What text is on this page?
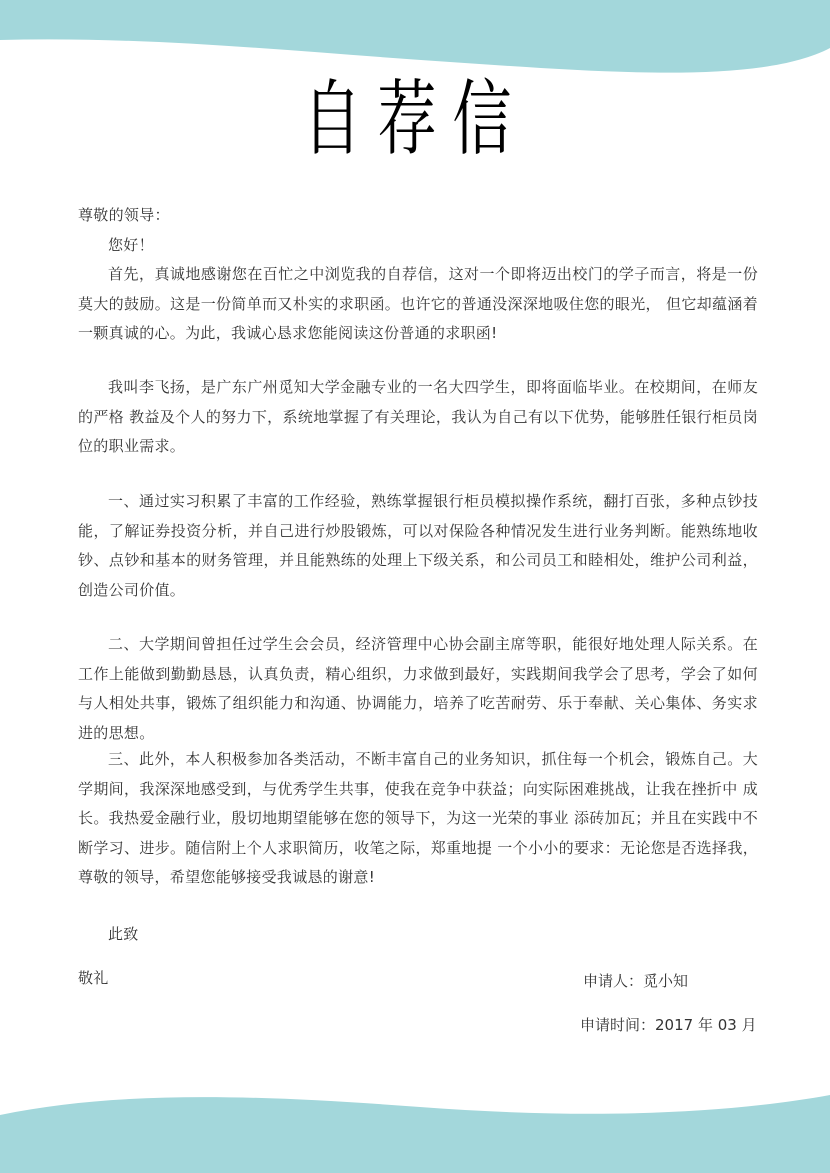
自荐信
尊敬的领导：
您好！
首先，真诚地感谢您在百忙之中浏览我的自荐信，这对一个即将迈出校门的学子而言，将是一份莫大的鼓励。这是一份简单而又朴实的求职函。也许它的普通没深深地吸住您的眼光， 但它却蕴涵着一颗真诚的心。为此，我诚心恳求您能阅读这份普通的求职函!
我叫李飞扬，是广东广州觅知大学金融专业的一名大四学生，即将面临毕业。在校期间，在师友的严格 教益及个人的努力下，系统地掌握了有关理论，我认为自己有以下优势，能够胜任银行柜员岗位的职业需求。
一、通过实习积累了丰富的工作经验，熟练掌握银行柜员模拟操作系统，翻打百张，多种点钞技能，了解证券投资分析，并自己进行炒股锻炼，可以对保险各种情况发生进行业务判断。能熟练地收钞、点钞和基本的财务管理，并且能熟练的处理上下级关系，和公司员工和睦相处，维护公司利益，创造公司价值。
二、大学期间曾担任过学生会会员，经济管理中心协会副主席等职，能很好地处理人际关系。在工作上能做到勤勤恳恳，认真负责，精心组织，力求做到最好，实践期间我学会了思考，学会了如何与人相处共事，锻炼了组织能力和沟通、协调能力，培养了吃苦耐劳、乐于奉献、关心集体、务实求进的思想。
三、此外，本人积极参加各类活动，不断丰富自己的业务知识，抓住每一个机会，锻炼自己。大学期间，我深深地感受到，与优秀学生共事，使我在竞争中获益；向实际困难挑战，让我在挫折中 成长。我热爱金融行业，殷切地期望能够在您的领导下，为这一光荣的事业 添砖加瓦；并且在实践中不断学习、进步。随信附上个人求职简历，收笔之际，郑重地提 一个小小的要求：无论您是否选择我，尊敬的领导，希望您能够接受我诚恳的谢意!
此致
敬礼	申请人：觅小知
申请时间：2017 年 03 月
